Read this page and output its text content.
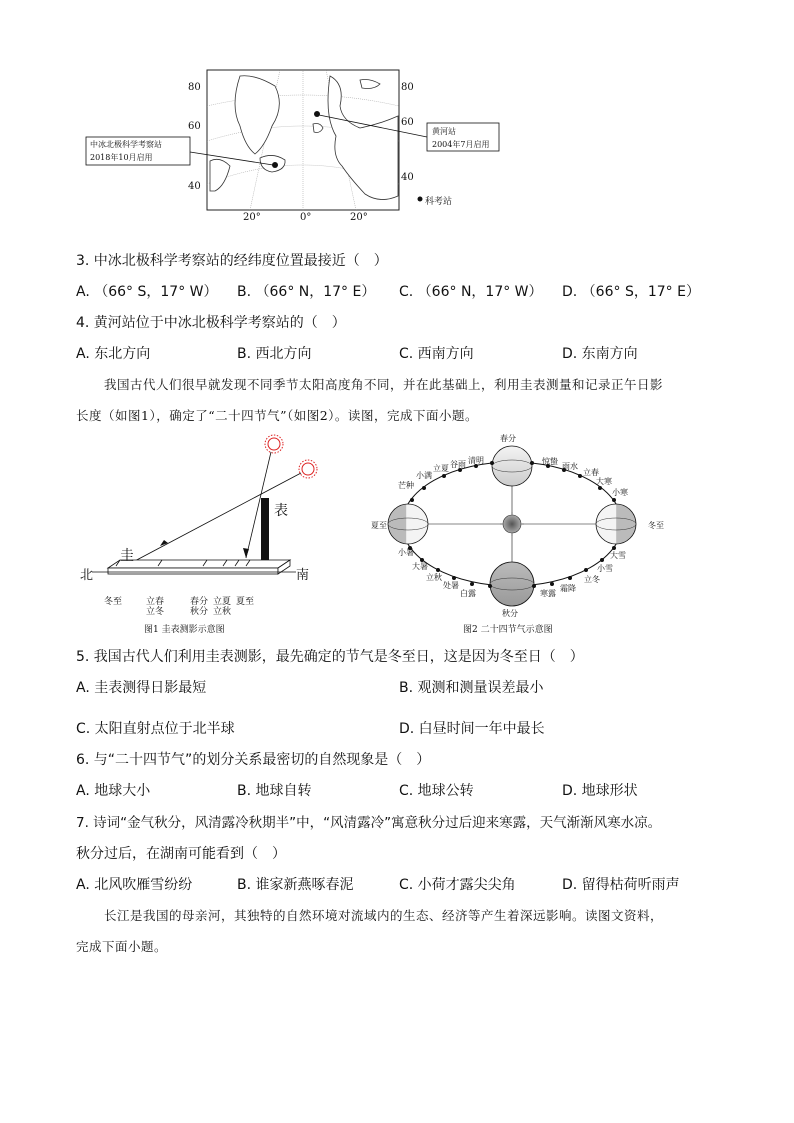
80
60
40
80
60
40
20°	0°	20°
中冰北极科学考察站
2018年10月启用
黄河站
2004年7月启用
科考站
3. 中冰北极科学考察站的经纬度位置最接近（　）
A. （66° S，17° W） B. （66° N，17° E） C. （66° N，17° W） D. （66° S，17° E）
4. 黄河站位于中冰北极科学考察站的（　）
A. 东北方向	B. 西北方向	C. 西南方向	D. 东南方向
我国古代人们很早就发现不同季节太阳高度角不同，并在此基础上，利用圭表测量和记录正午日影
长度（如图1），确定了“二十四节气”（如图2）。读图，完成下面小题。
圭
表
北	南
冬至	立春
立冬
春分
秋分
立夏
立秋
夏至
图1 圭表测影示意图
春分
夏至
秋分
冬至
清明
谷雨
立夏
小满
芒种
惊蛰
雨水
立春
大寒
小寒
小暑
大暑
立秋
处暑
白露	寒露
霜降
立冬
小雪
大雪
图2 二十四节气示意图
5. 我国古代人们利用圭表测影，最先确定的节气是冬至日，这是因为冬至日（　）
A. 圭表测得日影最短	B. 观测和测量误差最小
C. 太阳直射点位于北半球	D. 白昼时间一年中最长
6. 与“二十四节气”的划分关系最密切的自然现象是（　）
A. 地球大小	B. 地球自转	C. 地球公转	D. 地球形状
7. 诗词“金气秋分，风清露冷秋期半”中，“风清露冷”寓意秋分过后迎来寒露，天气渐渐风寒水凉。
秋分过后，在湖南可能看到（　）
A. 北风吹雁雪纷纷	B. 谁家新燕啄春泥	C. 小荷才露尖尖角	D. 留得枯荷听雨声
长江是我国的母亲河，其独特的自然环境对流域内的生态、经济等产生着深远影响。读图文资料，
完成下面小题。
